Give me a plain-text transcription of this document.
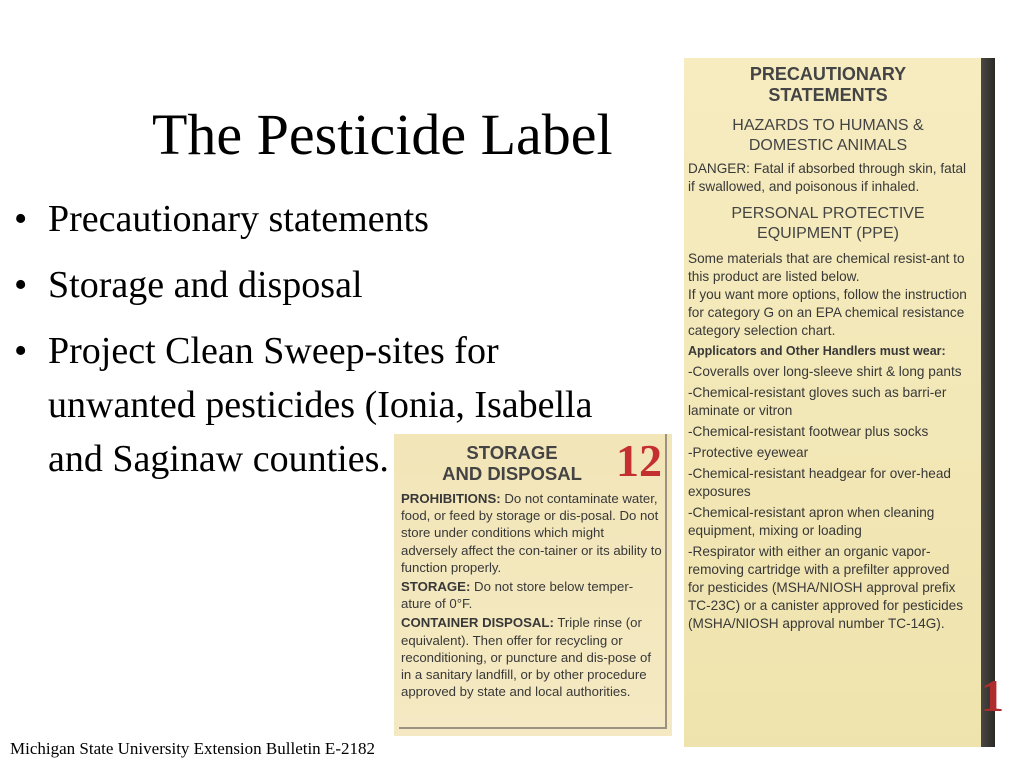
The Pesticide Label
• Precautionary statements
• Storage and disposal
• Project Clean Sweep-sites for unwanted pesticides (Ionia, Isabella and Saginaw counties.
PRECAUTIONARY
STATEMENTS
HAZARDS TO HUMANS &
DOMESTIC ANIMALS

DANGER: Fatal if absorbed through skin, fatal if swallowed, and poisonous if inhaled.

PERSONAL PROTECTIVE
EQUIPMENT (PPE)

Some materials that are chemical resist-ant to this product are listed below.

If you want more options, follow the instruction for category G on an EPA chemical resistance category selection chart.

Applicators and Other Handlers must wear:

-Coveralls over long-sleeve shirt & long pants

-Chemical-resistant gloves such as barri-er laminate or vitron

-Chemical-resistant footwear plus socks

-Protective eyewear

-Chemical-resistant headgear for over-head exposures

-Chemical-resistant apron when cleaning equipment, mixing or loading

-Respirator with either an organic vapor-removing cartridge with a prefilter approved for pesticides (MSHA/NIOSH approval prefix TC-23C) or a canister approved for pesticides (MSHA/NIOSH approval number TC-14G).

1
12
STORAGE
AND DISPOSAL

PROHIBITIONS: Do not contaminate water, food, or feed by storage or dis-posal. Do not store under conditions which might adversely affect the con-tainer or its ability to function properly.

STORAGE: Do not store below temper-ature of 0°F.

CONTAINER DISPOSAL: Triple rinse (or equivalent). Then offer for recycling or reconditioning, or puncture and dis-pose of in a sanitary landfill, or by other procedure approved by state and local authorities.

Michigan State University Extension Bulletin E-2182
